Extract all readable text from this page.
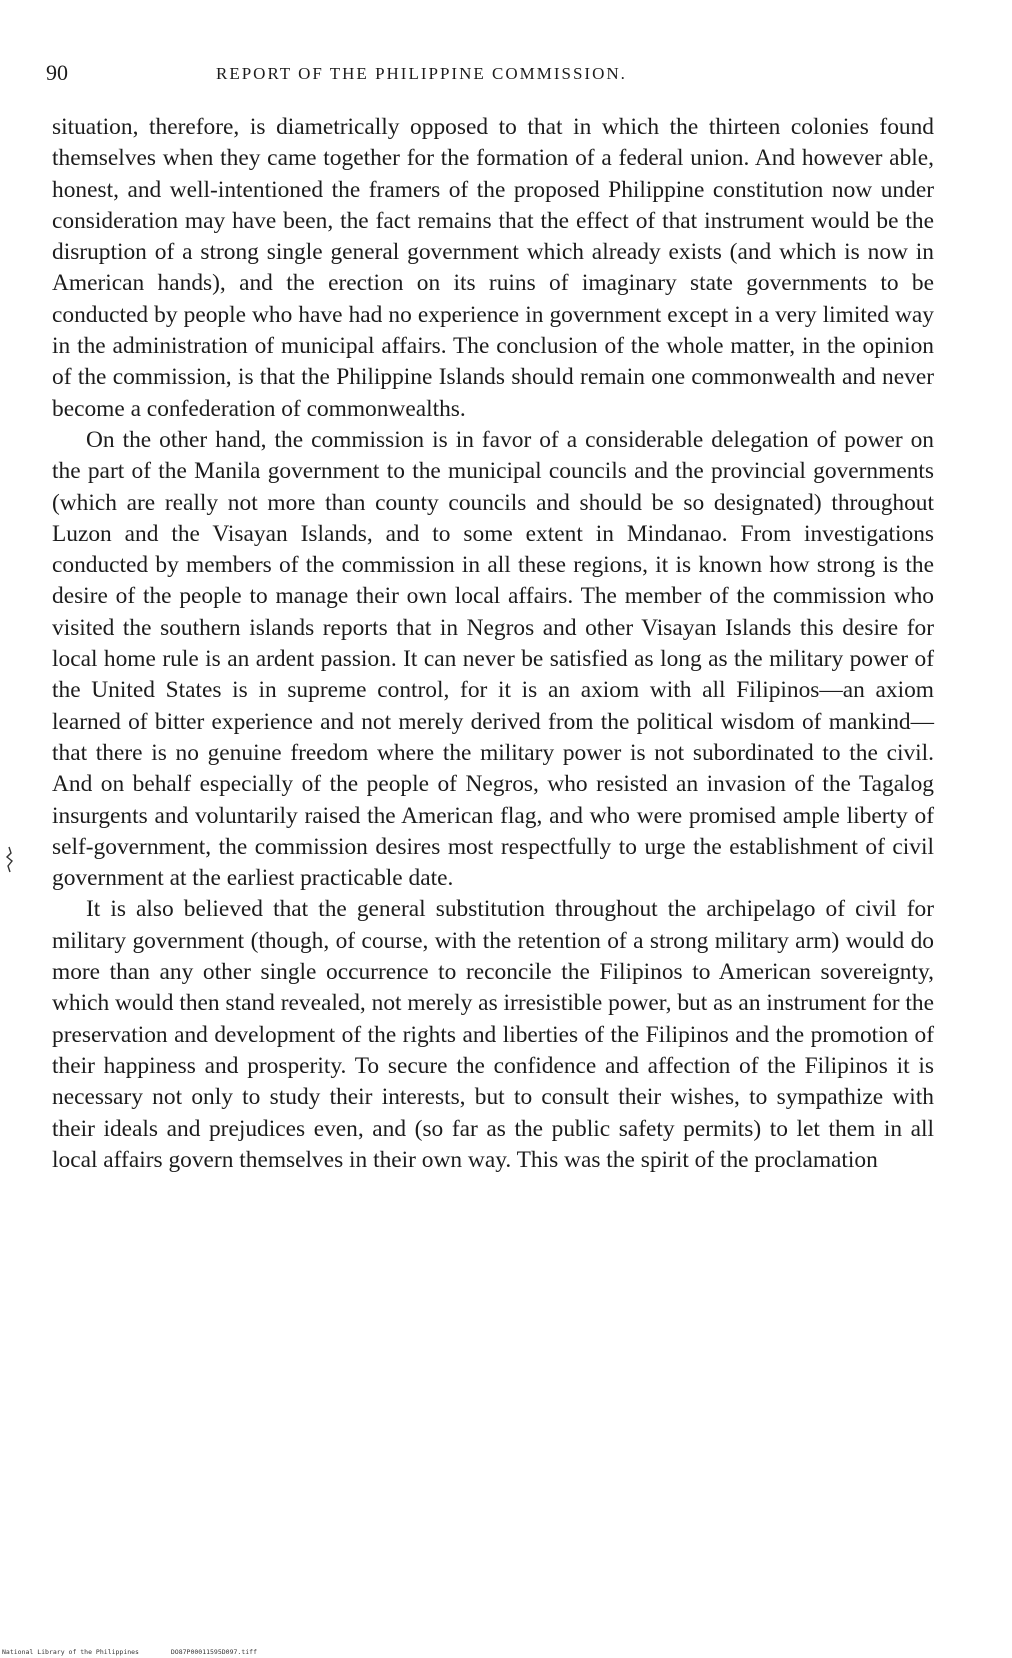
90	REPORT OF THE PHILIPPINE COMMISSION.

situation, therefore, is diametrically opposed to that in which the thirteen colonies found themselves when they came together for the formation of a federal union. And however able, honest, and well-intentioned the framers of the proposed Philippine constitution now under consideration may have been, the fact remains that the effect of that instrument would be the disruption of a strong single general government which already exists (and which is now in American hands), and the erection on its ruins of imaginary state governments to be conducted by people who have had no experience in government except in a very limited way in the administration of municipal affairs. The conclusion of the whole matter, in the opinion of the commission, is that the Philippine Islands should remain one commonwealth and never become a confederation of commonwealths.

On the other hand, the commission is in favor of a considerable delegation of power on the part of the Manila government to the municipal councils and the provincial governments (which are really not more than county councils and should be so designated) throughout Luzon and the Visayan Islands, and to some extent in Mindanao. From investigations conducted by members of the commission in all these regions, it is known how strong is the desire of the people to manage their own local affairs. The member of the commission who visited the southern islands reports that in Negros and other Visayan Islands this desire for local home rule is an ardent passion. It can never be satisfied as long as the military power of the United States is in supreme control, for it is an axiom with all Filipinos—an axiom learned of bitter experience and not merely derived from the political wisdom of mankind—that there is no genuine freedom where the military power is not subordinated to the civil. And on behalf especially of the people of Negros, who resisted an invasion of the Tagalog insurgents and voluntarily raised the American flag, and who were promised ample liberty of self-government, the commission desires most respectfully to urge the establishment of civil government at the earliest practicable date.

It is also believed that the general substitution throughout the archipelago of civil for military government (though, of course, with the retention of a strong military arm) would do more than any other single occurrence to reconcile the Filipinos to American sovereignty, which would then stand revealed, not merely as irresistible power, but as an instrument for the preservation and development of the rights and liberties of the Filipinos and the promotion of their happiness and prosperity. To secure the confidence and affection of the Filipinos it is necessary not only to study their interests, but to consult their wishes, to sympathize with their ideals and prejudices even, and (so far as the public safety permits) to let them in all local affairs govern themselves in their own way. This was the spirit of the proclamation

National Library of the Philippines	DO87P00011595D097.tiff
